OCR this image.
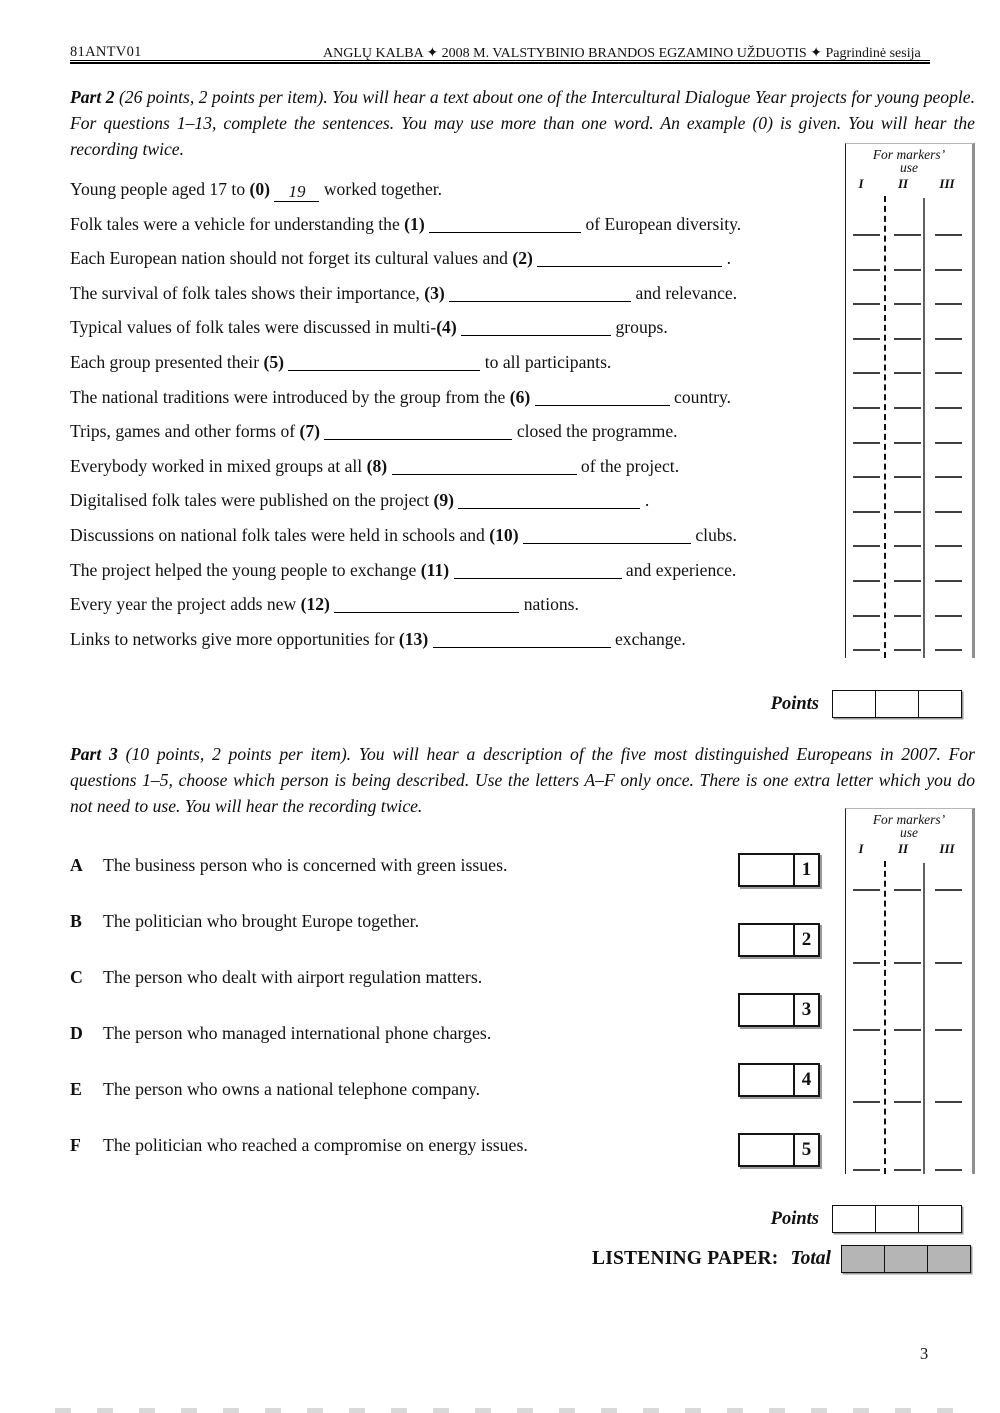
81ANTV01	ANGLŲ KALBA ✦ 2008 M. VALSTYBINIO BRANDOS EGZAMINO UŽDUOTIS ✦ Pagrindinė sesija

Part 2 (26 points, 2 points per item). You will hear a text about one of the Intercultural Dialogue Year projects for young people. For questions 1–13, complete the sentences. You may use more than one word. An example (0) is given. You will hear the recording twice.

Young people aged 17 to (0) 19 worked together.
Folk tales were a vehicle for understanding the (1)	of European diversity.
Each European nation should not forget its cultural values and (2)	.
The survival of folk tales shows their importance, (3)	and relevance.
Typical values of folk tales were discussed in multi-(4)	groups.
Each group presented their (5)	to all participants.
The national traditions were introduced by the group from the (6)	country.
Trips, games and other forms of (7)	closed the programme.
Everybody worked in mixed groups at all (8)	of the project.
Digitalised folk tales were published on the project (9)	.
Discussions on national folk tales were held in schools and (10)	clubs.
The project helped the young people to exchange (11)	and experience.
Every year the project adds new (12)	nations.
Links to networks give more opportunities for (13)	exchange.
For markers’
use
I	II	III
Points

Part 3 (10 points, 2 points per item). You will hear a description of the five most distinguished Europeans in 2007. For questions 1–5, choose which person is being described. Use the letters A–F only once. There is one extra letter which you do not need to use. You will hear the recording twice.

For markers’
use
I	II	III
A	The business person who is concerned with green issues.
B	The politician who brought Europe together.
C	The person who dealt with airport regulation matters.
D	The person who managed international phone charges.
E	The person who owns a national telephone company.
F	The politician who reached a compromise on energy issues.
Points
LISTENING PAPER: Total
3
1
2
3
4
5
